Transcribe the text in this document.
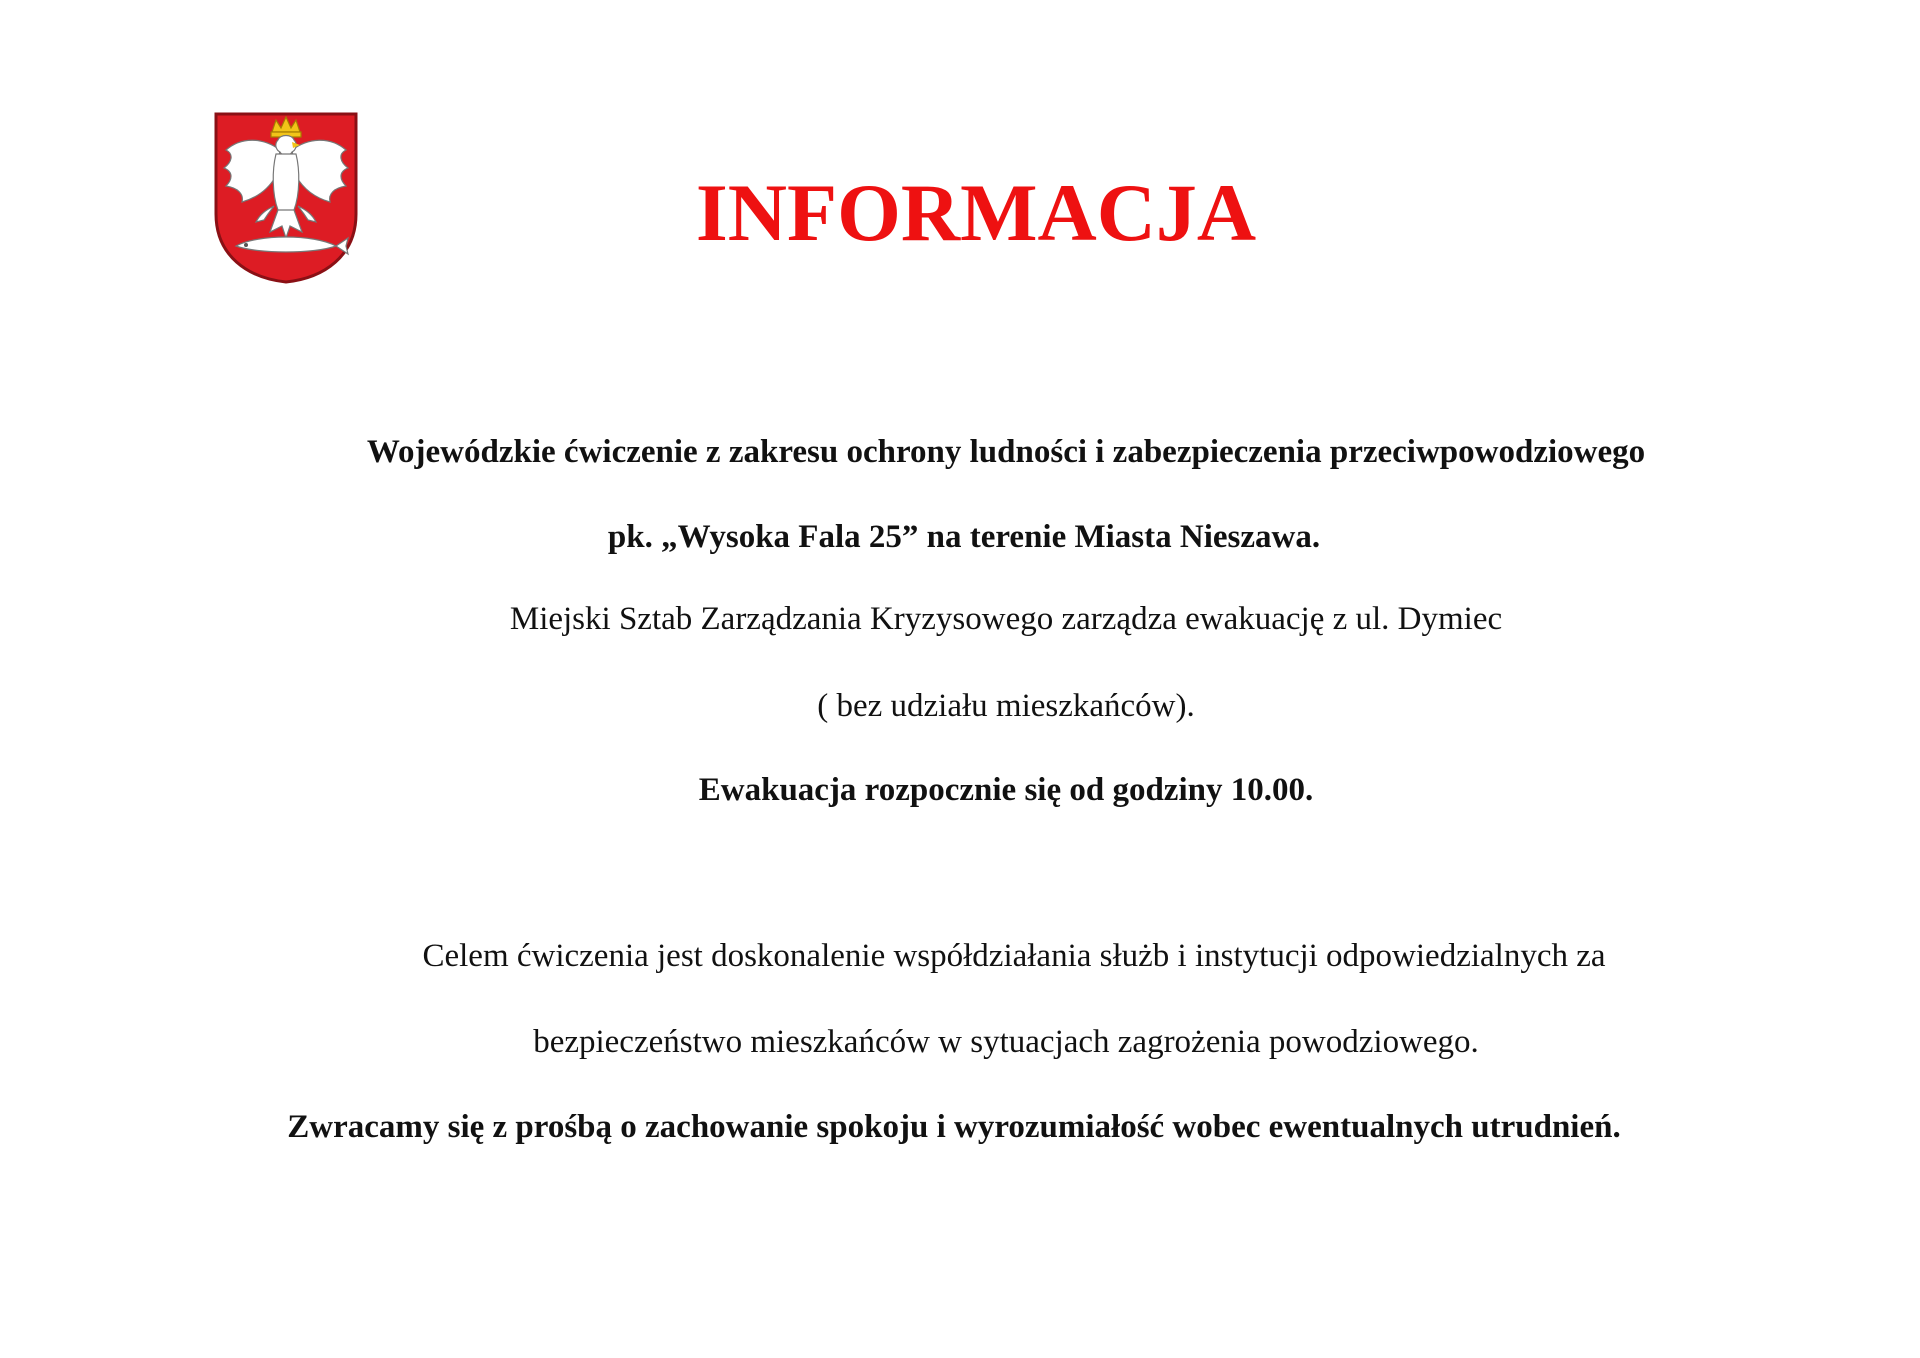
INFORMACJA
Wojewódzkie ćwiczenie z zakresu ochrony ludności i zabezpieczenia przeciwpowodziowego
pk. „Wysoka Fala 25” na terenie Miasta Nieszawa.
Miejski Sztab Zarządzania Kryzysowego zarządza ewakuację z ul. Dymiec
( bez udziału mieszkańców).
Ewakuacja rozpocznie się od godziny 10.00.
Celem ćwiczenia jest doskonalenie współdziałania służb i instytucji odpowiedzialnych za
bezpieczeństwo mieszkańców w sytuacjach zagrożenia powodziowego.
Zwracamy się z prośbą o zachowanie spokoju i wyrozumiałość wobec ewentualnych utrudnień.
